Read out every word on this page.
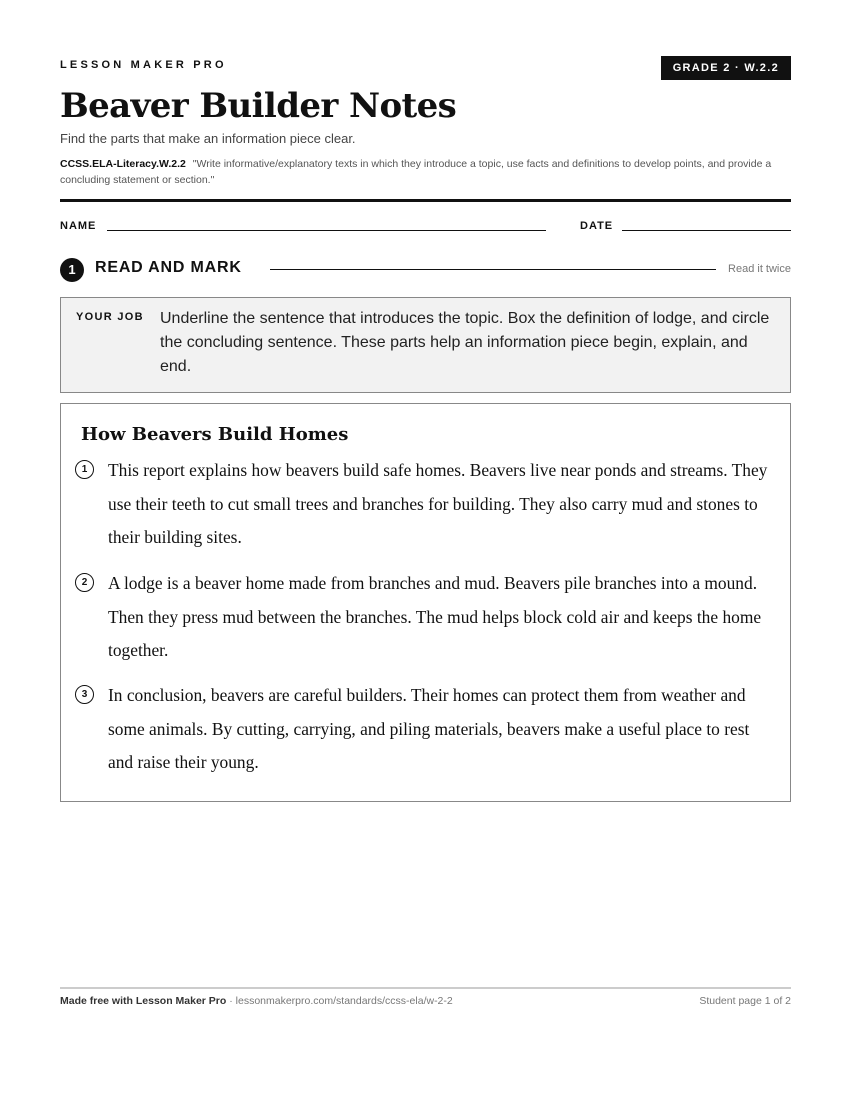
LESSON MAKER PRO	GRADE 2 · W.2.2
Beaver Builder Notes
Find the parts that make an information piece clear.
CCSS.ELA-Literacy.W.2.2 "Write informative/explanatory texts in which they introduce a topic, use facts and definitions to develop points, and provide a concluding statement or section."
NAME	DATE
1	READ AND MARK	Read it twice
YOUR JOB Underline the sentence that introduces the topic. Box the definition of lodge, and circle the concluding sentence. These parts help an information piece begin, explain, and end.
How Beavers Build Homes
1	This report explains how beavers build safe homes. Beavers live near ponds and streams. They use their teeth to cut small trees and branches for building. They also carry mud and stones to their building sites.

2	A lodge is a beaver home made from branches and mud. Beavers pile branches into a mound. Then they press mud between the branches. The mud helps block cold air and keeps the home together.

3	In conclusion, beavers are careful builders. Their homes can protect them from weather and some animals. By cutting, carrying, and piling materials, beavers make a useful place to rest and raise their young.

Made free with Lesson Maker Pro · lessonmakerpro.com/standards/ccss-ela/w-2-2	Student page 1 of 2
